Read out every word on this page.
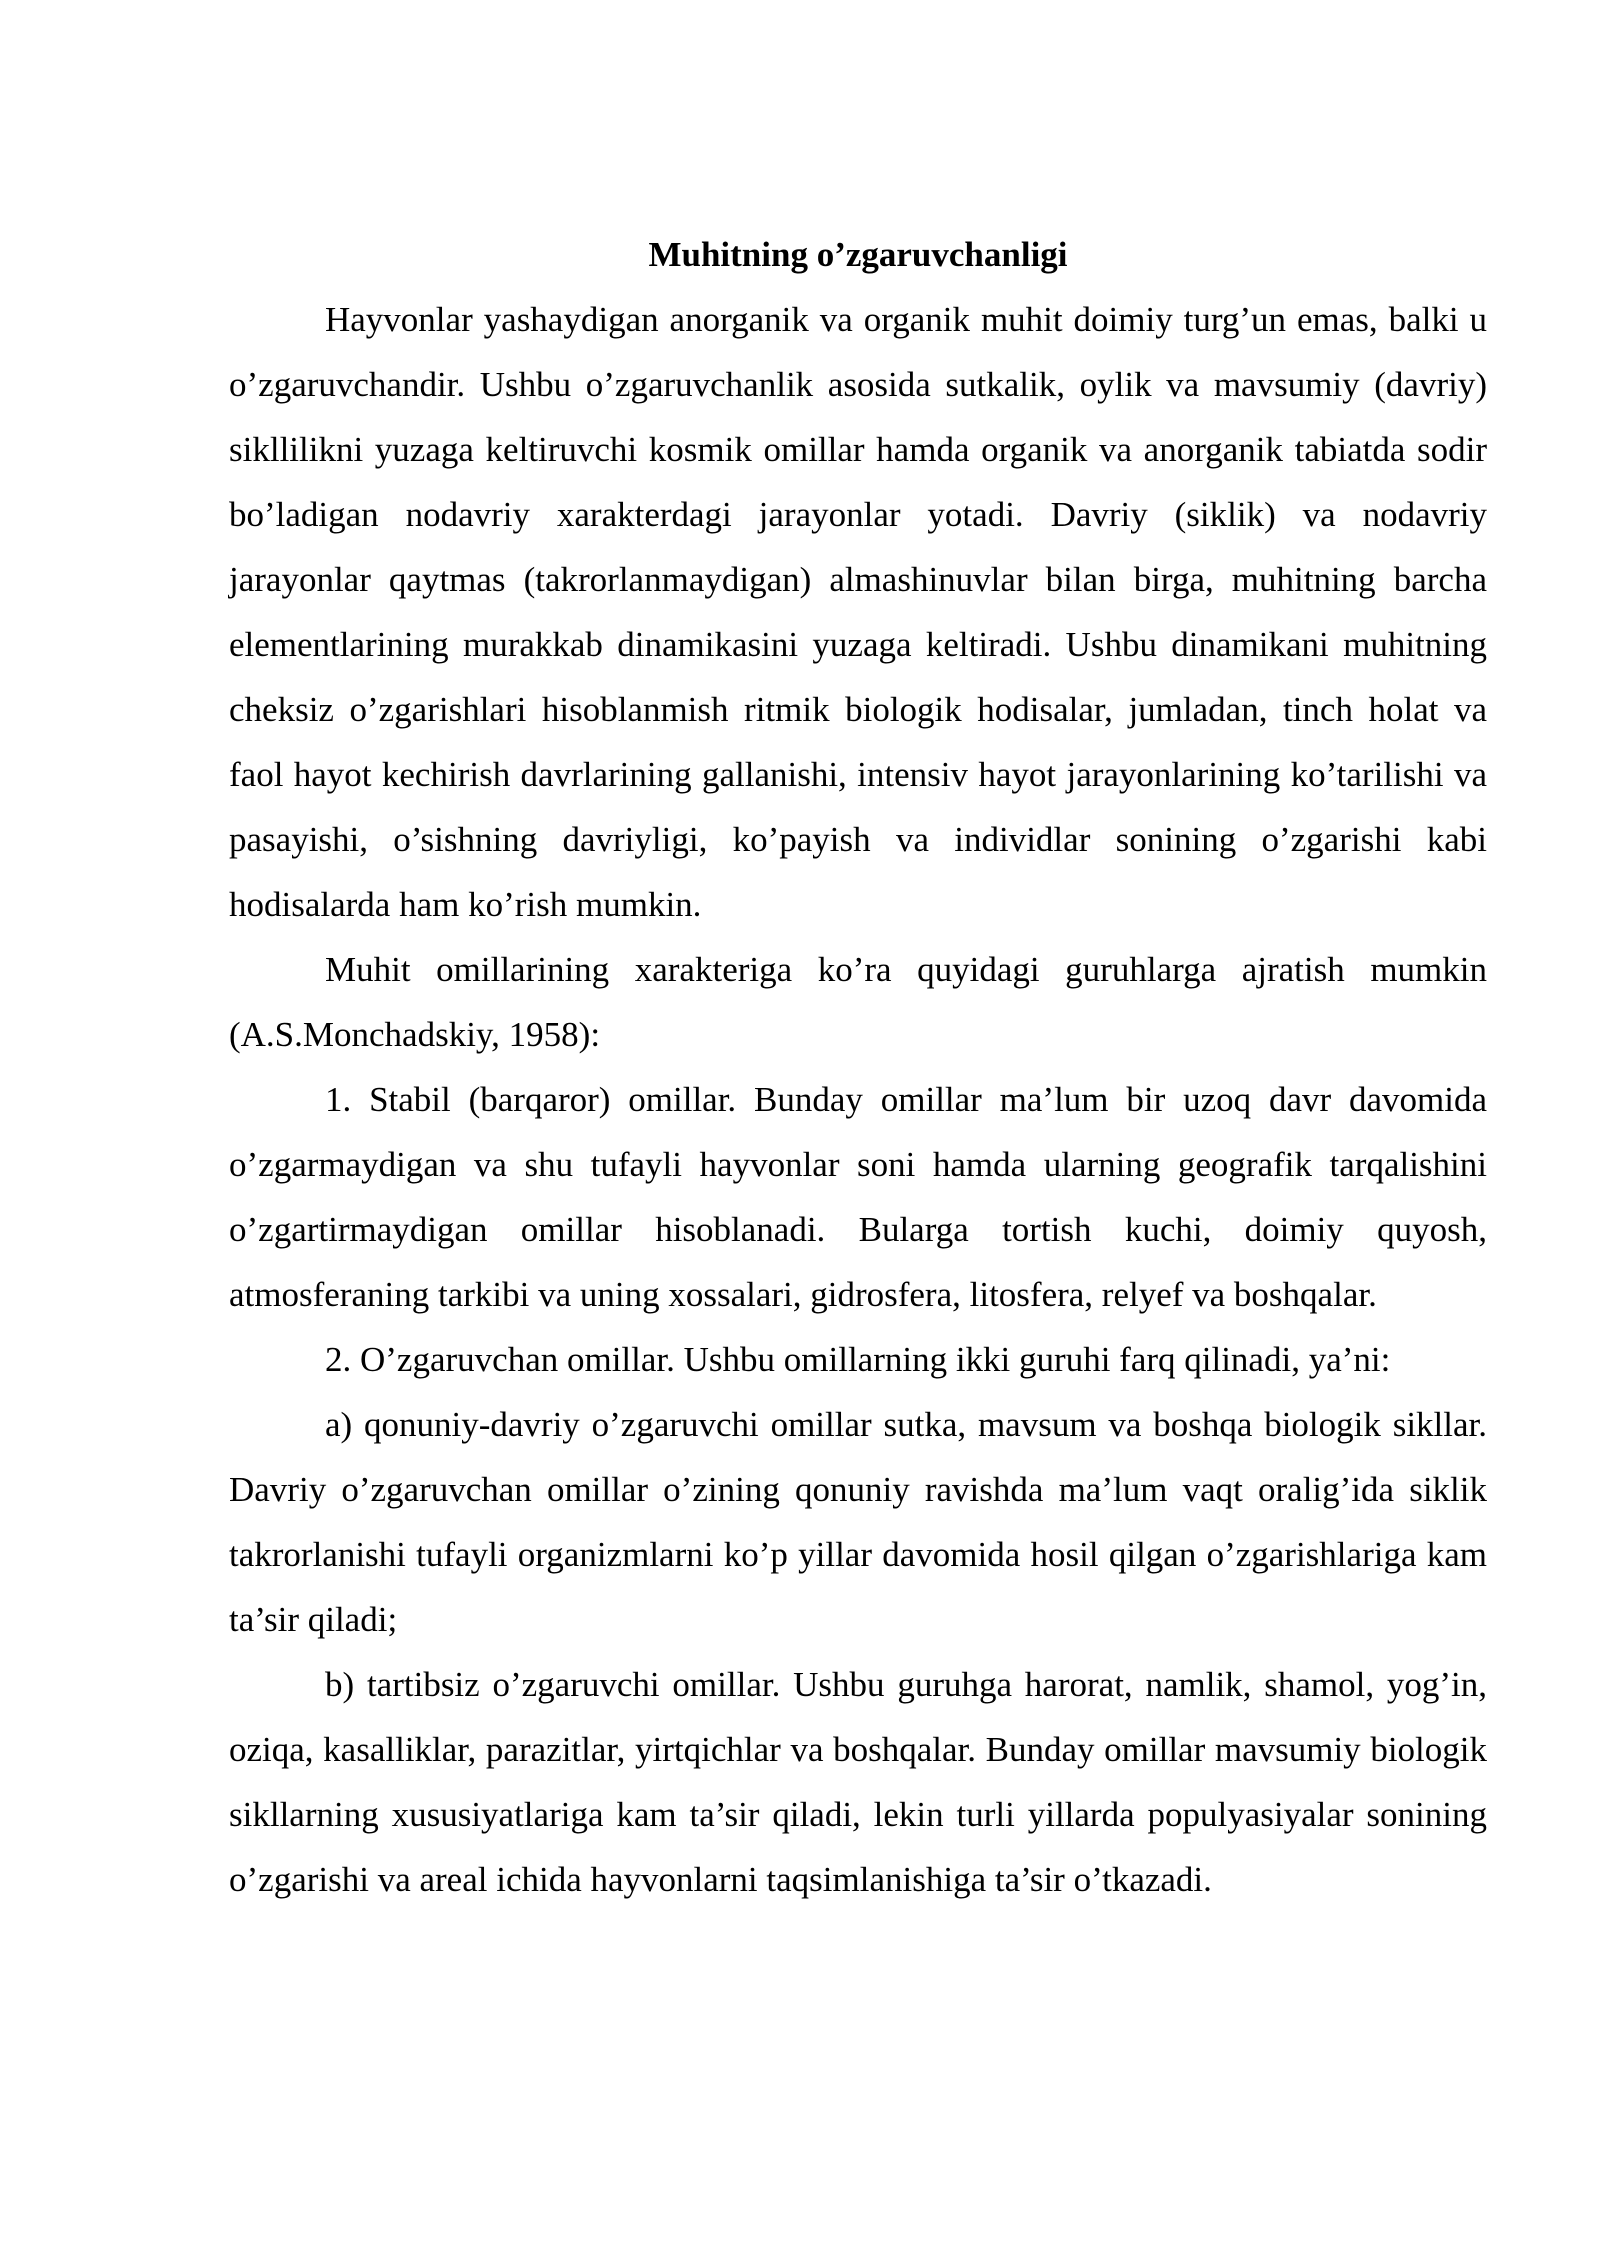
Muhitning o’zgaruvchanligi

Hayvonlar yashaydigan anorganik va organik muhit doimiy turg’un emas, balki u o’zgaruvchandir. Ushbu o’zgaruvchanlik asosida sutkalik, oylik va mavsumiy (davriy) sikllilikni yuzaga keltiruvchi kosmik omillar hamda organik va anorganik tabiatda sodir bo’ladigan nodavriy xarakterdagi jarayonlar yotadi. Davriy (siklik) va nodavriy jarayonlar qaytmas (takrorlanmaydigan) almashinuvlar bilan birga, muhitning barcha elementlarining murakkab dinamikasini yuzaga keltiradi. Ushbu dinamikani muhitning cheksiz o’zgarishlari hisoblanmish ritmik biologik hodisalar, jumladan, tinch holat va faol hayot kechirish davrlarining gallanishi, intensiv hayot jarayonlarining ko’tarilishi va pasayishi, o’sishning davriyligi, ko’payish va individlar sonining o’zgarishi kabi hodisalarda ham ko’rish mumkin.

Muhit omillarining xarakteriga ko’ra quyidagi guruhlarga ajratish mumkin (A.S.Monchadskiy, 1958):

1. Stabil (barqaror) omillar. Bunday omillar ma’lum bir uzoq davr davomida o’zgarmaydigan va shu tufayli hayvonlar soni hamda ularning geografik tarqalishini o’zgartirmaydigan omillar hisoblanadi. Bularga tortish kuchi, doimiy quyosh, atmosferaning tarkibi va uning xossalari, gidrosfera, litosfera, relyef va boshqalar.

2. O’zgaruvchan omillar. Ushbu omillarning ikki guruhi farq qilinadi, ya’ni:

a) qonuniy-davriy o’zgaruvchi omillar sutka, mavsum va boshqa biologik sikllar. Davriy o’zgaruvchan omillar o’zining qonuniy ravishda ma’lum vaqt oralig’ida siklik takrorlanishi tufayli organizmlarni ko’p yillar davomida hosil qilgan o’zgarishlariga kam ta’sir qiladi;

b) tartibsiz o’zgaruvchi omillar. Ushbu guruhga harorat, namlik, shamol, yog’in, oziqa, kasalliklar, parazitlar, yirtqichlar va boshqalar. Bunday omillar mavsumiy biologik sikllarning xususiyatlariga kam ta’sir qiladi, lekin turli yillarda populyasiyalar sonining o’zgarishi va areal ichida hayvonlarni taqsimlanishiga ta’sir o’tkazadi.
